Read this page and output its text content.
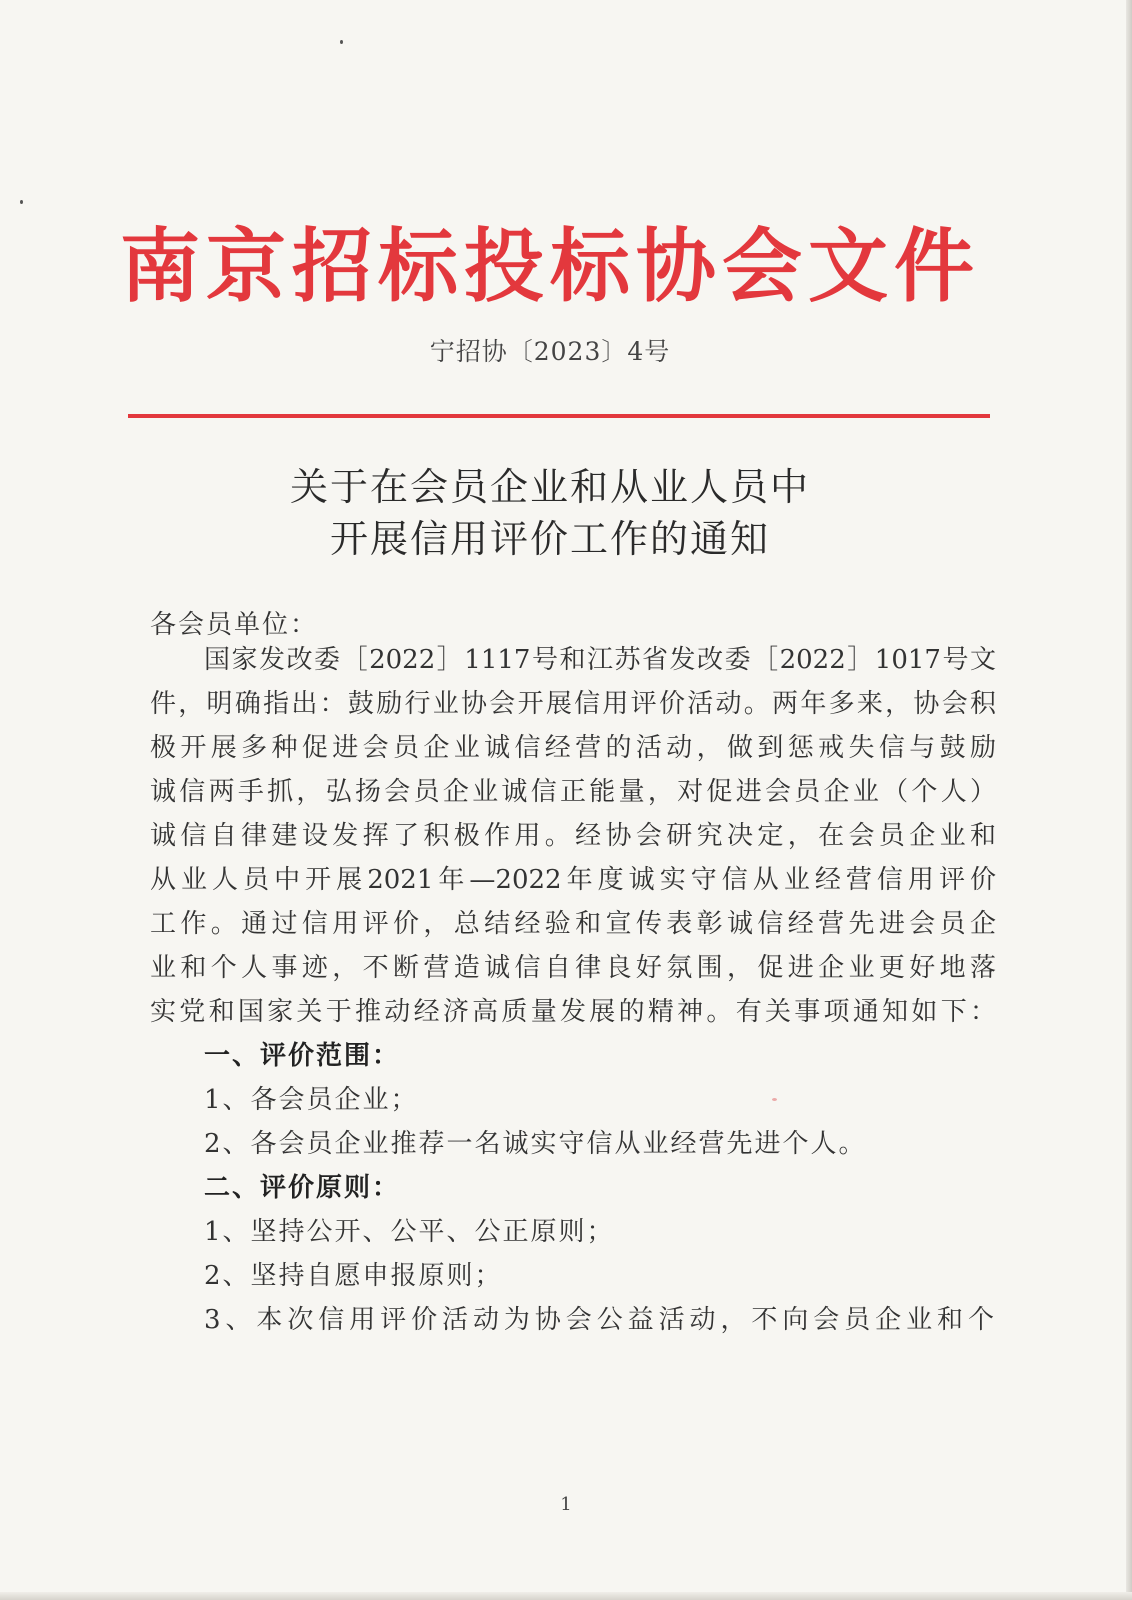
南京招标投标协会文件
宁招协〔2023〕4号
关于在会员企业和从业人员中
开展信用评价工作的通知
各会员单位：
国家发改委［2022］1117号和江苏省发改委［2022］1017号文
件，明确指出：鼓励行业协会开展信用评价活动。两年多来，协会积
极开展多种促进会员企业诚信经营的活动，做到惩戒失信与鼓励
诚信两手抓，弘扬会员企业诚信正能量，对促进会员企业（个人）
诚信自律建设发挥了积极作用。经协会研究决定，在会员企业和
从业人员中开展2021年—2022年度诚实守信从业经营信用评价
工作。通过信用评价，总结经验和宣传表彰诚信经营先进会员企
业和个人事迹，不断营造诚信自律良好氛围，促进企业更好地落
实党和国家关于推动经济高质量发展的精神。有关事项通知如下：
一、评价范围：
1、各会员企业；
2、各会员企业推荐一名诚实守信从业经营先进个人。
二、评价原则：
1、坚持公开、公平、公正原则；
2、坚持自愿申报原则；
3、本次信用评价活动为协会公益活动，不向会员企业和个
1
